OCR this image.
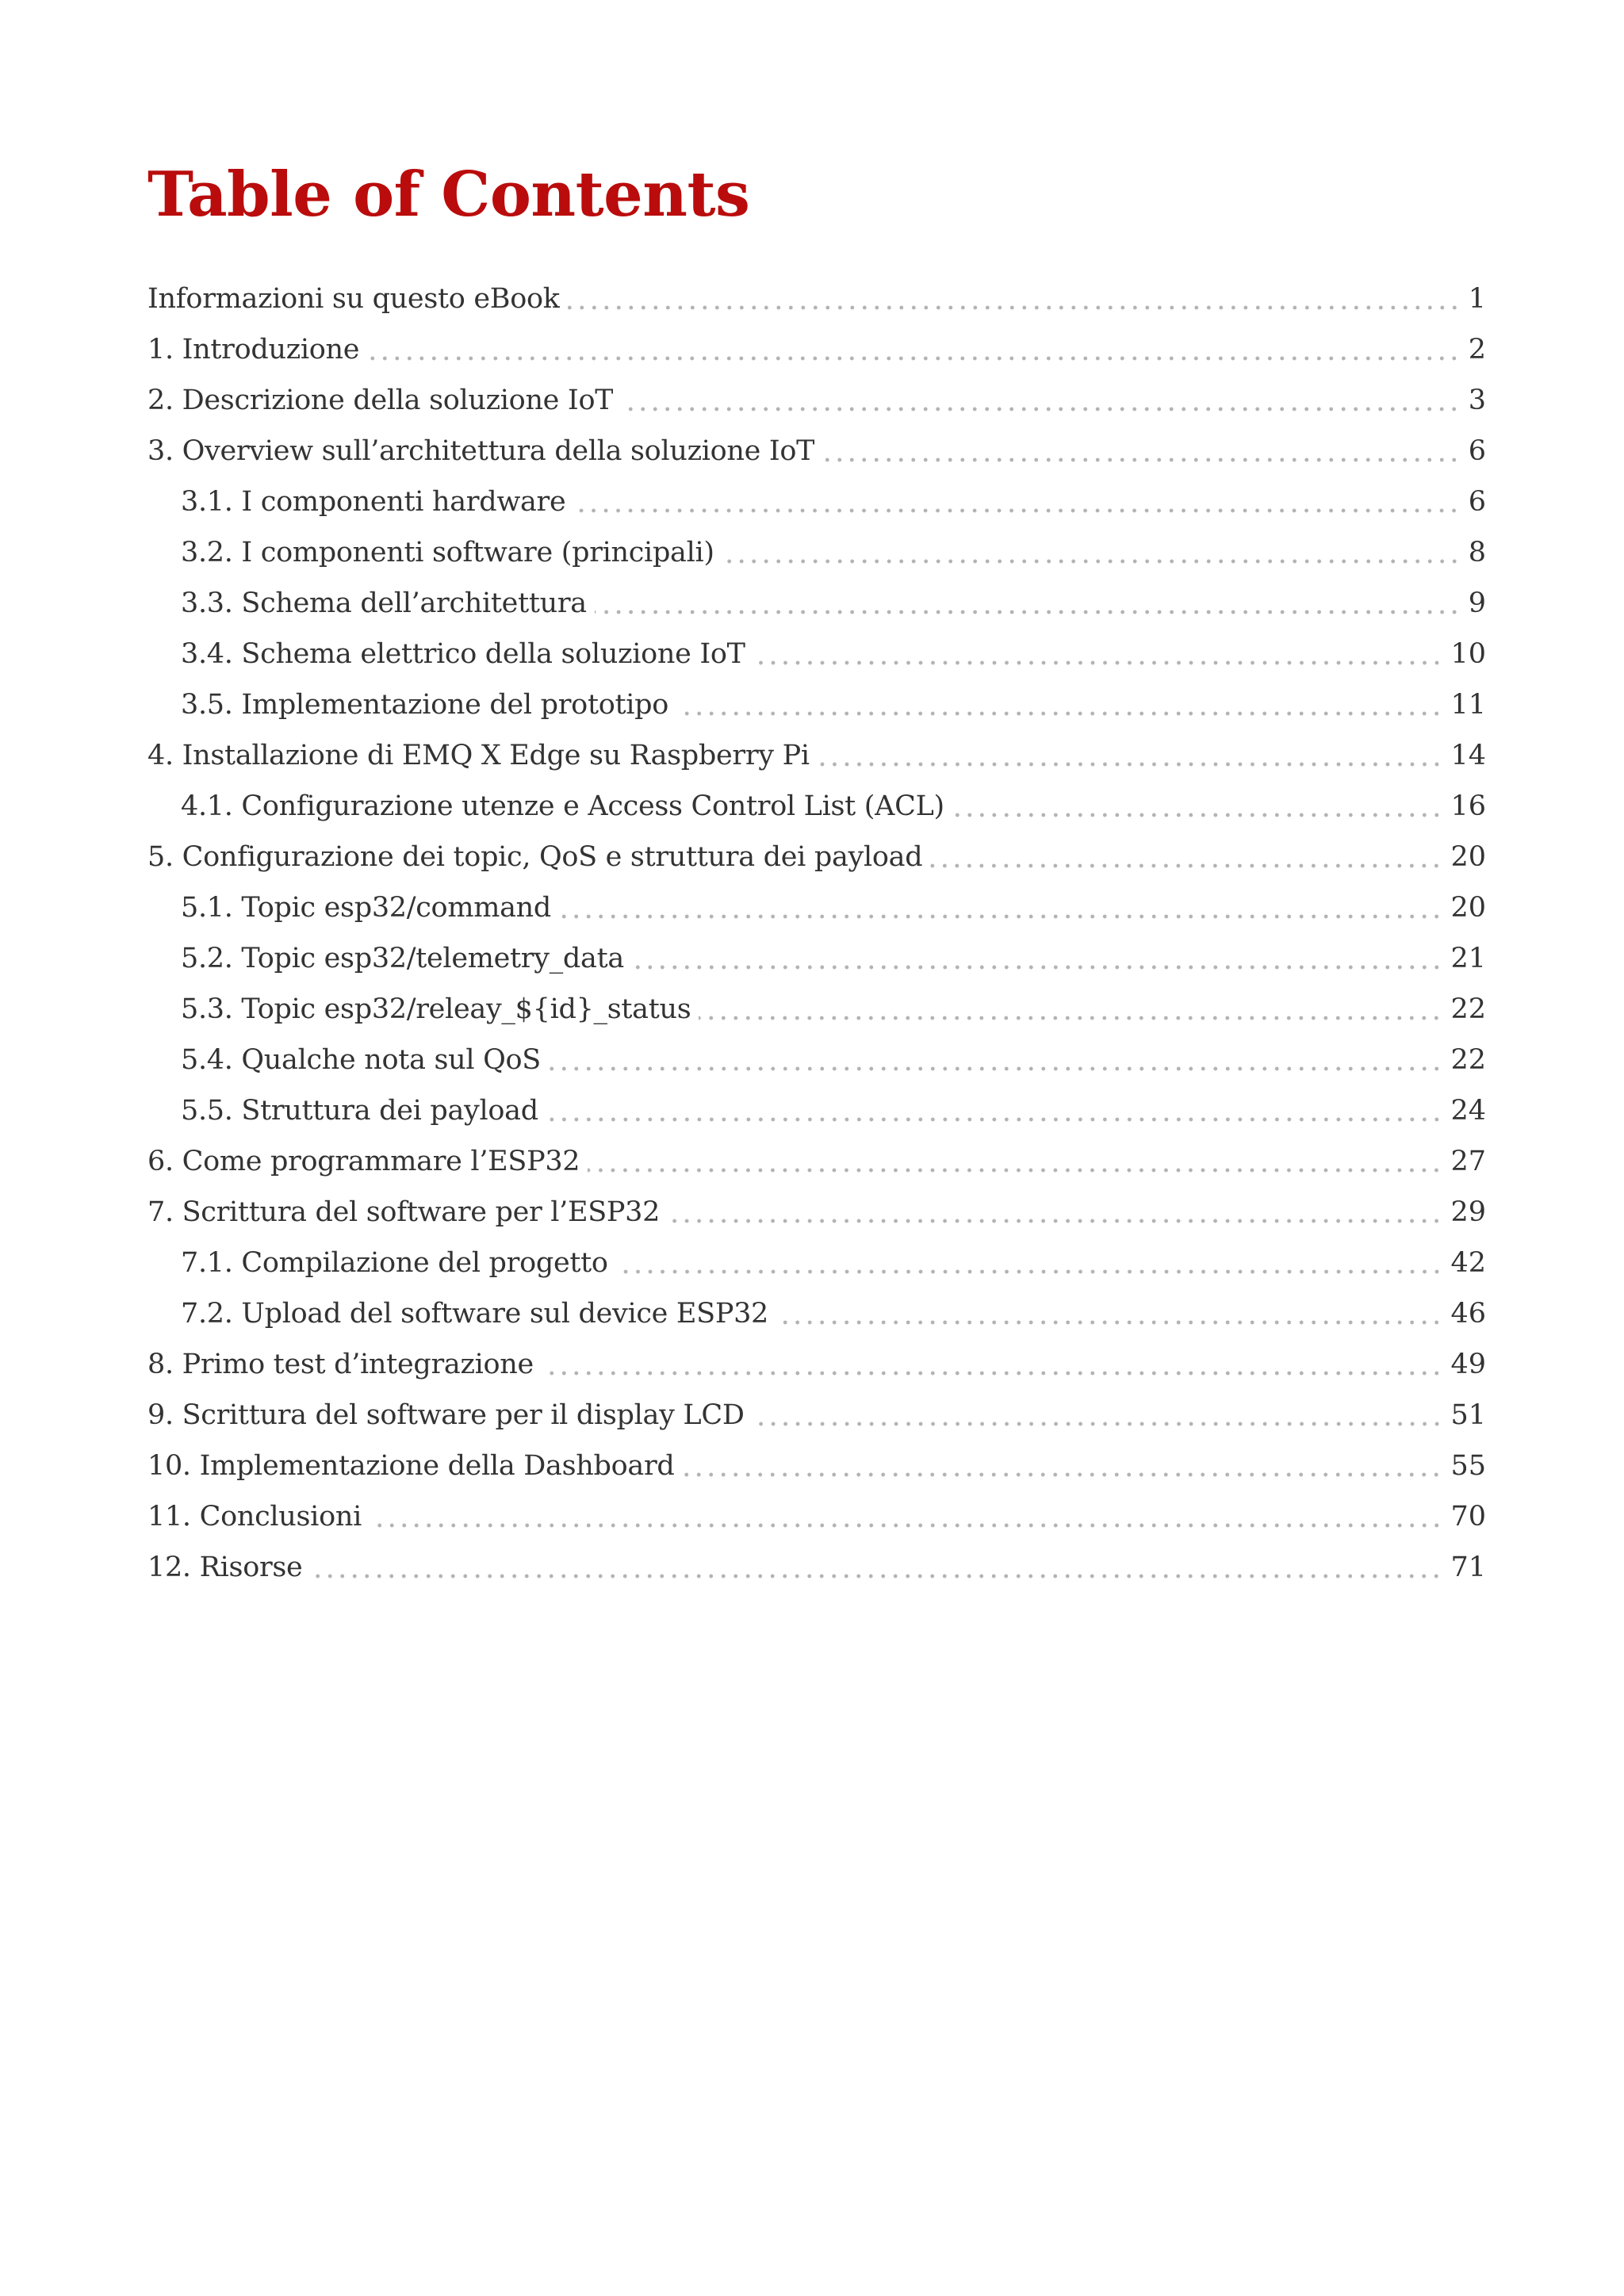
Table of Contents
Informazioni su questo eBook	1
1. Introduzione	2
2. Descrizione della soluzione IoT	3
3. Overview sull’architettura della soluzione IoT	6
3.1. I componenti hardware	6
3.2. I componenti software (principali)	8
3.3. Schema dell’architettura	9
3.4. Schema elettrico della soluzione IoT	10
3.5. Implementazione del prototipo	11
4. Installazione di EMQ X Edge su Raspberry Pi	14
4.1. Configurazione utenze e Access Control List (ACL)	16
5. Configurazione dei topic, QoS e struttura dei payload	20
5.1. Topic esp32/command	20
5.2. Topic esp32/telemetry_data	21
5.3. Topic esp32/releay_${id}_status	22
5.4. Qualche nota sul QoS	22
5.5. Struttura dei payload	24
6. Come programmare l’ESP32	27
7. Scrittura del software per l’ESP32	29
7.1. Compilazione del progetto	42
7.2. Upload del software sul device ESP32	46
8. Primo test d’integrazione	49
9. Scrittura del software per il display LCD	51
10. Implementazione della Dashboard	55
11. Conclusioni	70
12. Risorse	71
